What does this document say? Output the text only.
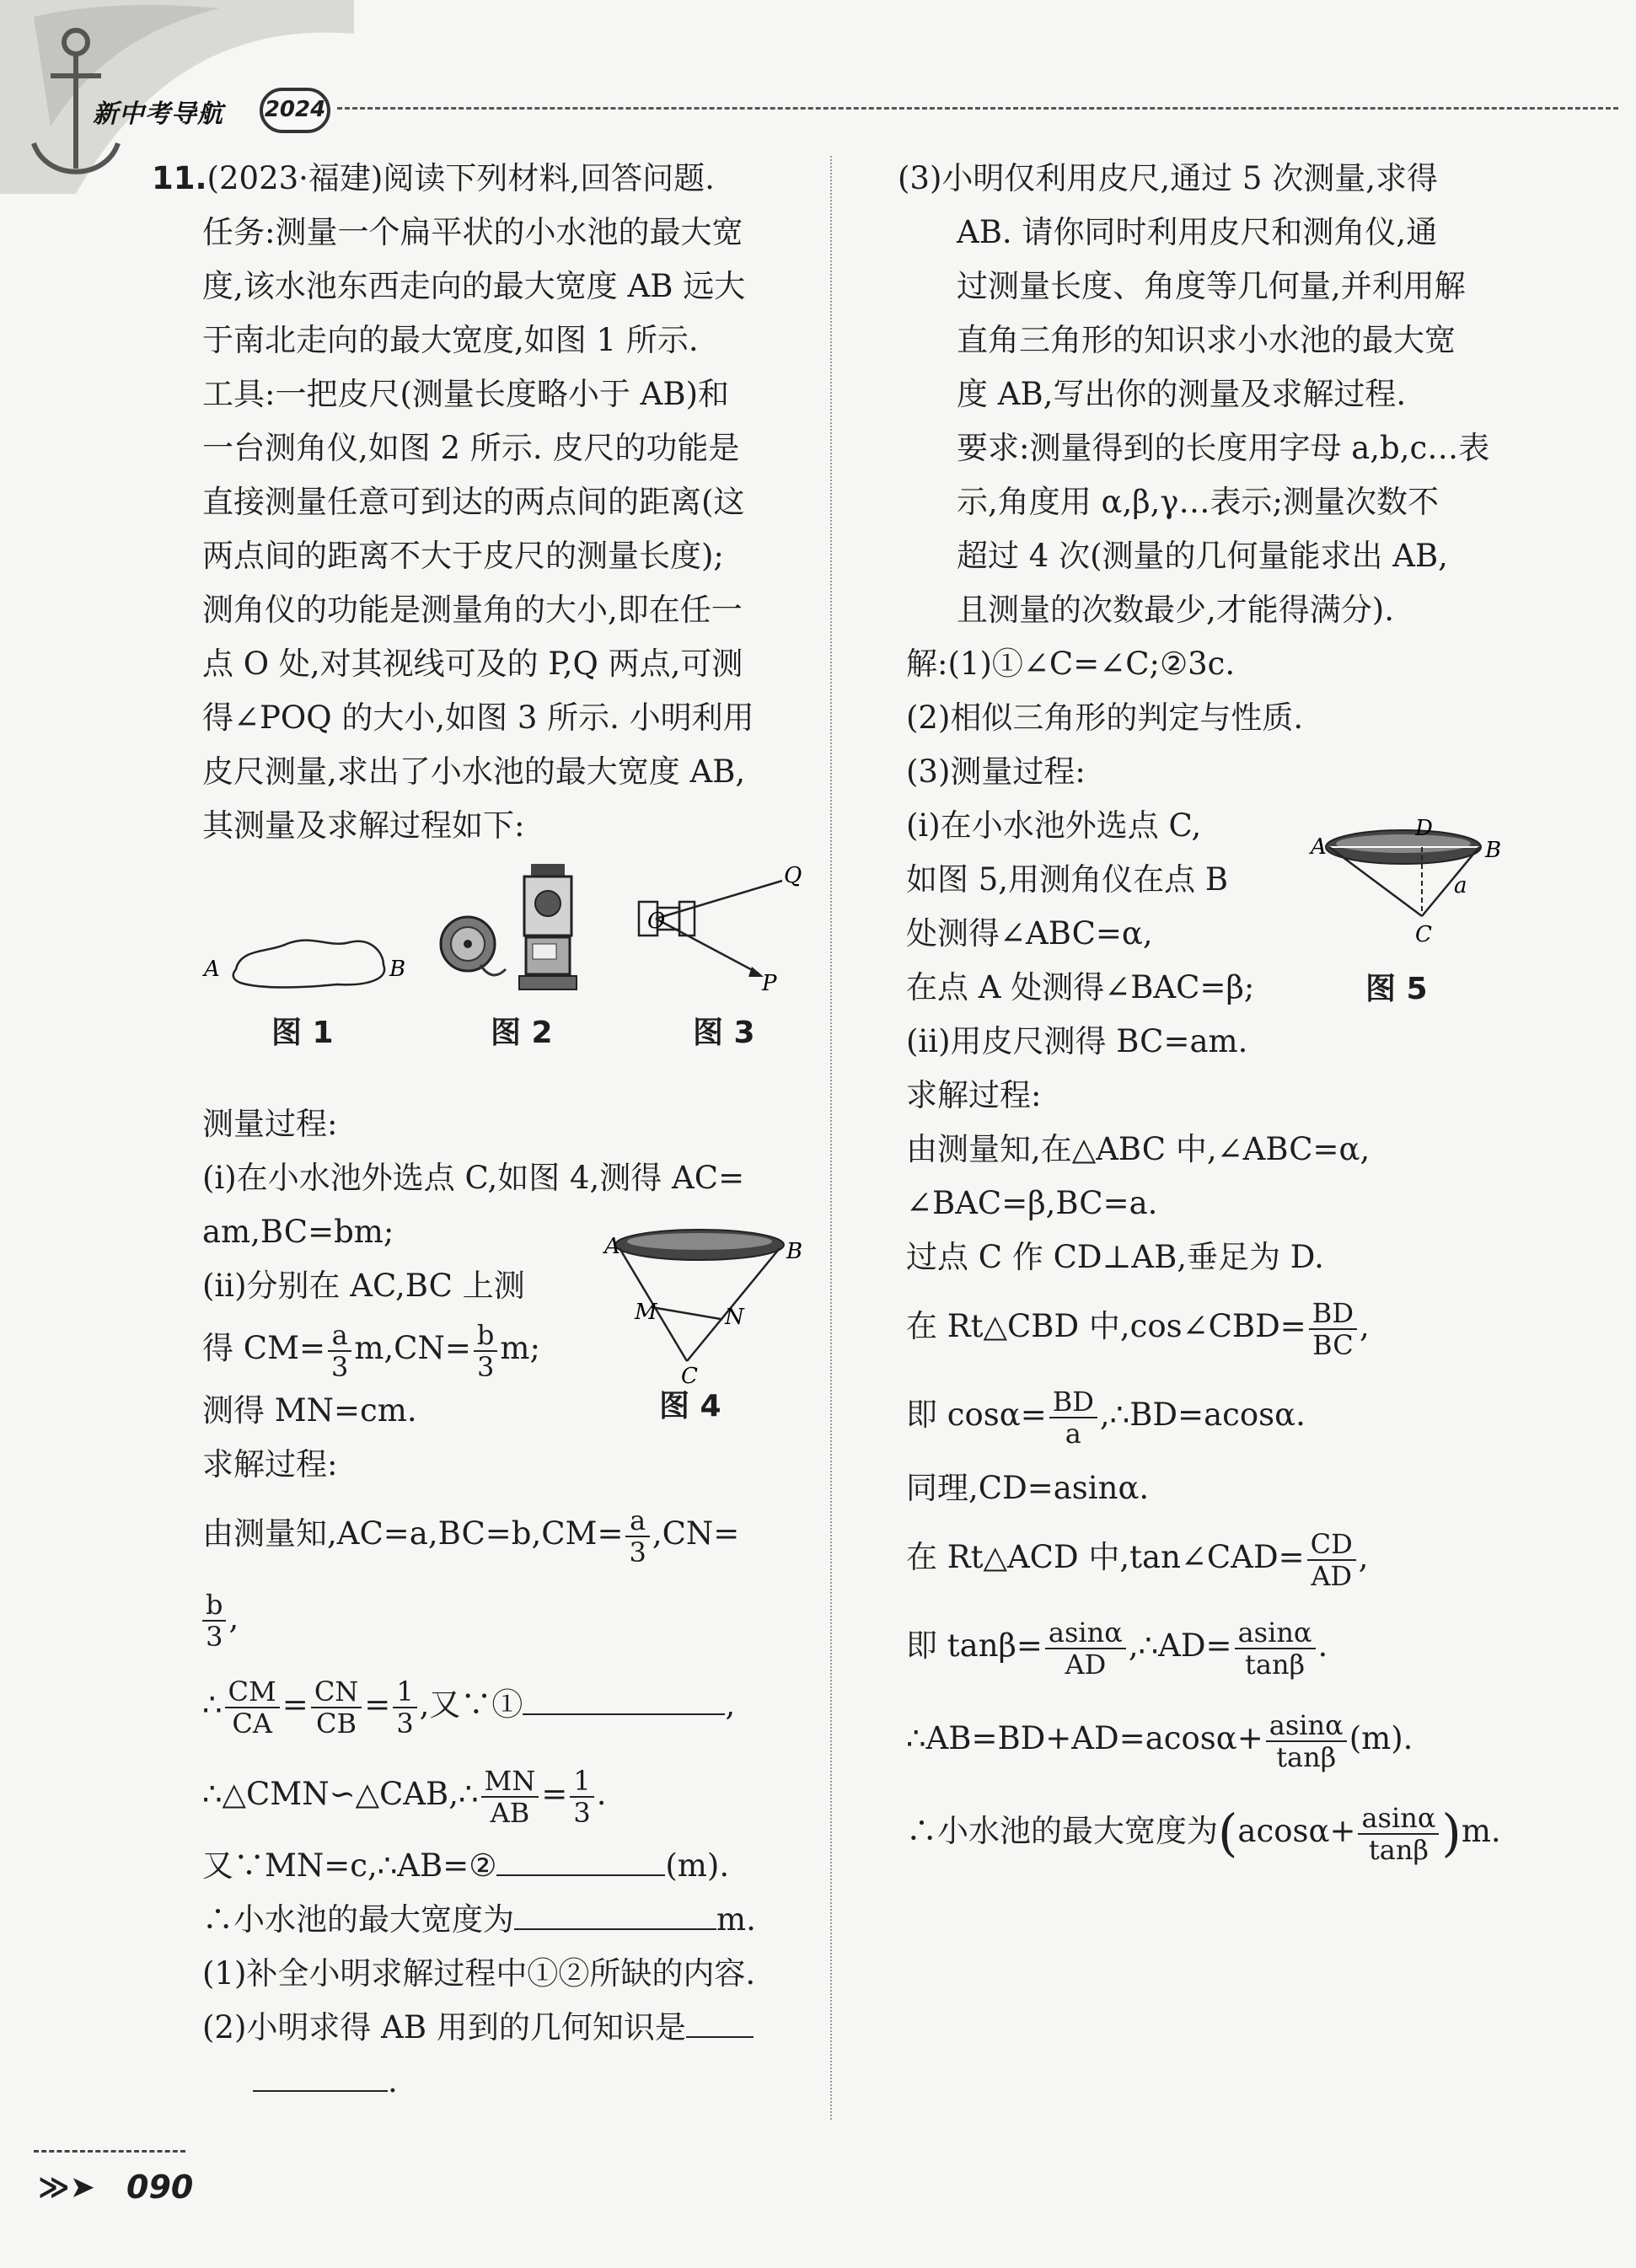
新中考导航 2024

11.(2023·福建)阅读下列材料,回答问题.

任务:测量一个扁平状的小水池的最大宽

度,该水池东西走向的最大宽度 AB 远大

于南北走向的最大宽度,如图 1 所示.

工具:一把皮尺(测量长度略小于 AB)和

一台测角仪,如图 2 所示. 皮尺的功能是

直接测量任意可到达的两点间的距离(这

两点间的距离不大于皮尺的测量长度);

测角仪的功能是测量角的大小,即在任一

点 O 处,对其视线可及的 P,Q 两点,可测

得∠POQ 的大小,如图 3 所示. 小明利用

皮尺测量,求出了小水池的最大宽度 AB,

其测量及求解过程如下:

测量过程:

(ⅰ)在小水池外选点 C,如图 4,测得 AC=

am,BC=bm;

(ⅱ)分别在 AC,BC 上测

得 $CM= \frac{a}{3} m,CN= \frac{b}{3} m$;

测得 MN=cm.

求解过程:

由测量知$,AC=a,BC=b,CM= \frac{a}{3} ,CN=$

$\frac{b}{3}$ ,

∴ $\frac{CM}{CA} = \frac{CN}{CB} = \frac{1}{3}$ ,又∵①	,

∴△CMN∽△CAB,∴ $\frac{MN}{AB} = \frac{1}{3}$ .

又∵MN=c,∴AB=②	(m).

∴小水池的最大宽度为	m.

(1)补全小明求解过程中①②所缺的内容.

(2)小明求得 AB 用到的几何知识是

.

A	B
图 1	图 2
O
Q
P
图 3
A	B
M	N
C
图 4

(3)小明仅利用皮尺,通过 5 次测量,求得

AB. 请你同时利用皮尺和测角仪,通

过测量长度、角度等几何量,并利用解

直角三角形的知识求小水池的最大宽

度 AB,写出你的测量及求解过程.

要求:测量得到的长度用字母 a,b,c…表

示,角度用 α,β,γ…表示;测量次数不

超过 4 次(测量的几何量能求出 AB,

且测量的次数最少,才能得满分).

解:(1)①∠C=∠C;②3c.

(2)相似三角形的判定与性质.

(3)测量过程:

(ⅰ)在小水池外选点 C,

如图 5,用测角仪在点 B

处测得∠ABC=α,

在点 A 处测得∠BAC=β;

(ⅱ)用皮尺测得 BC=am.

求解过程:

由测量知,在△ABC 中,∠ABC=α,

∠BAC=β,BC=a.

过点 C 作 CD⊥AB,垂足为 D.

在 Rt△CBD 中,cos∠CBD= $\frac{BD}{BC}$ ,

即 $\cos\alpha= \frac{BD}{a}$ ,∴BD=acosα.

同理,CD=asinα.

在 Rt△ACD 中,tan∠CAD= $\frac{CD}{AD}$ ,

即 $\tan\beta= \frac{asin\alpha}{AD}$ ,∴AD= $\frac{asin\alpha}{\tan\beta}$ .

∴AB=BD+AD=acosα+ $\frac{asin\alpha}{\tan\beta} (m)$.

∴小水池的最大宽度为$(acos\alpha+ \frac{asin\alpha}{\tan\beta} )m$.

A	B
D
a
C
图 5
≫➤ 090
